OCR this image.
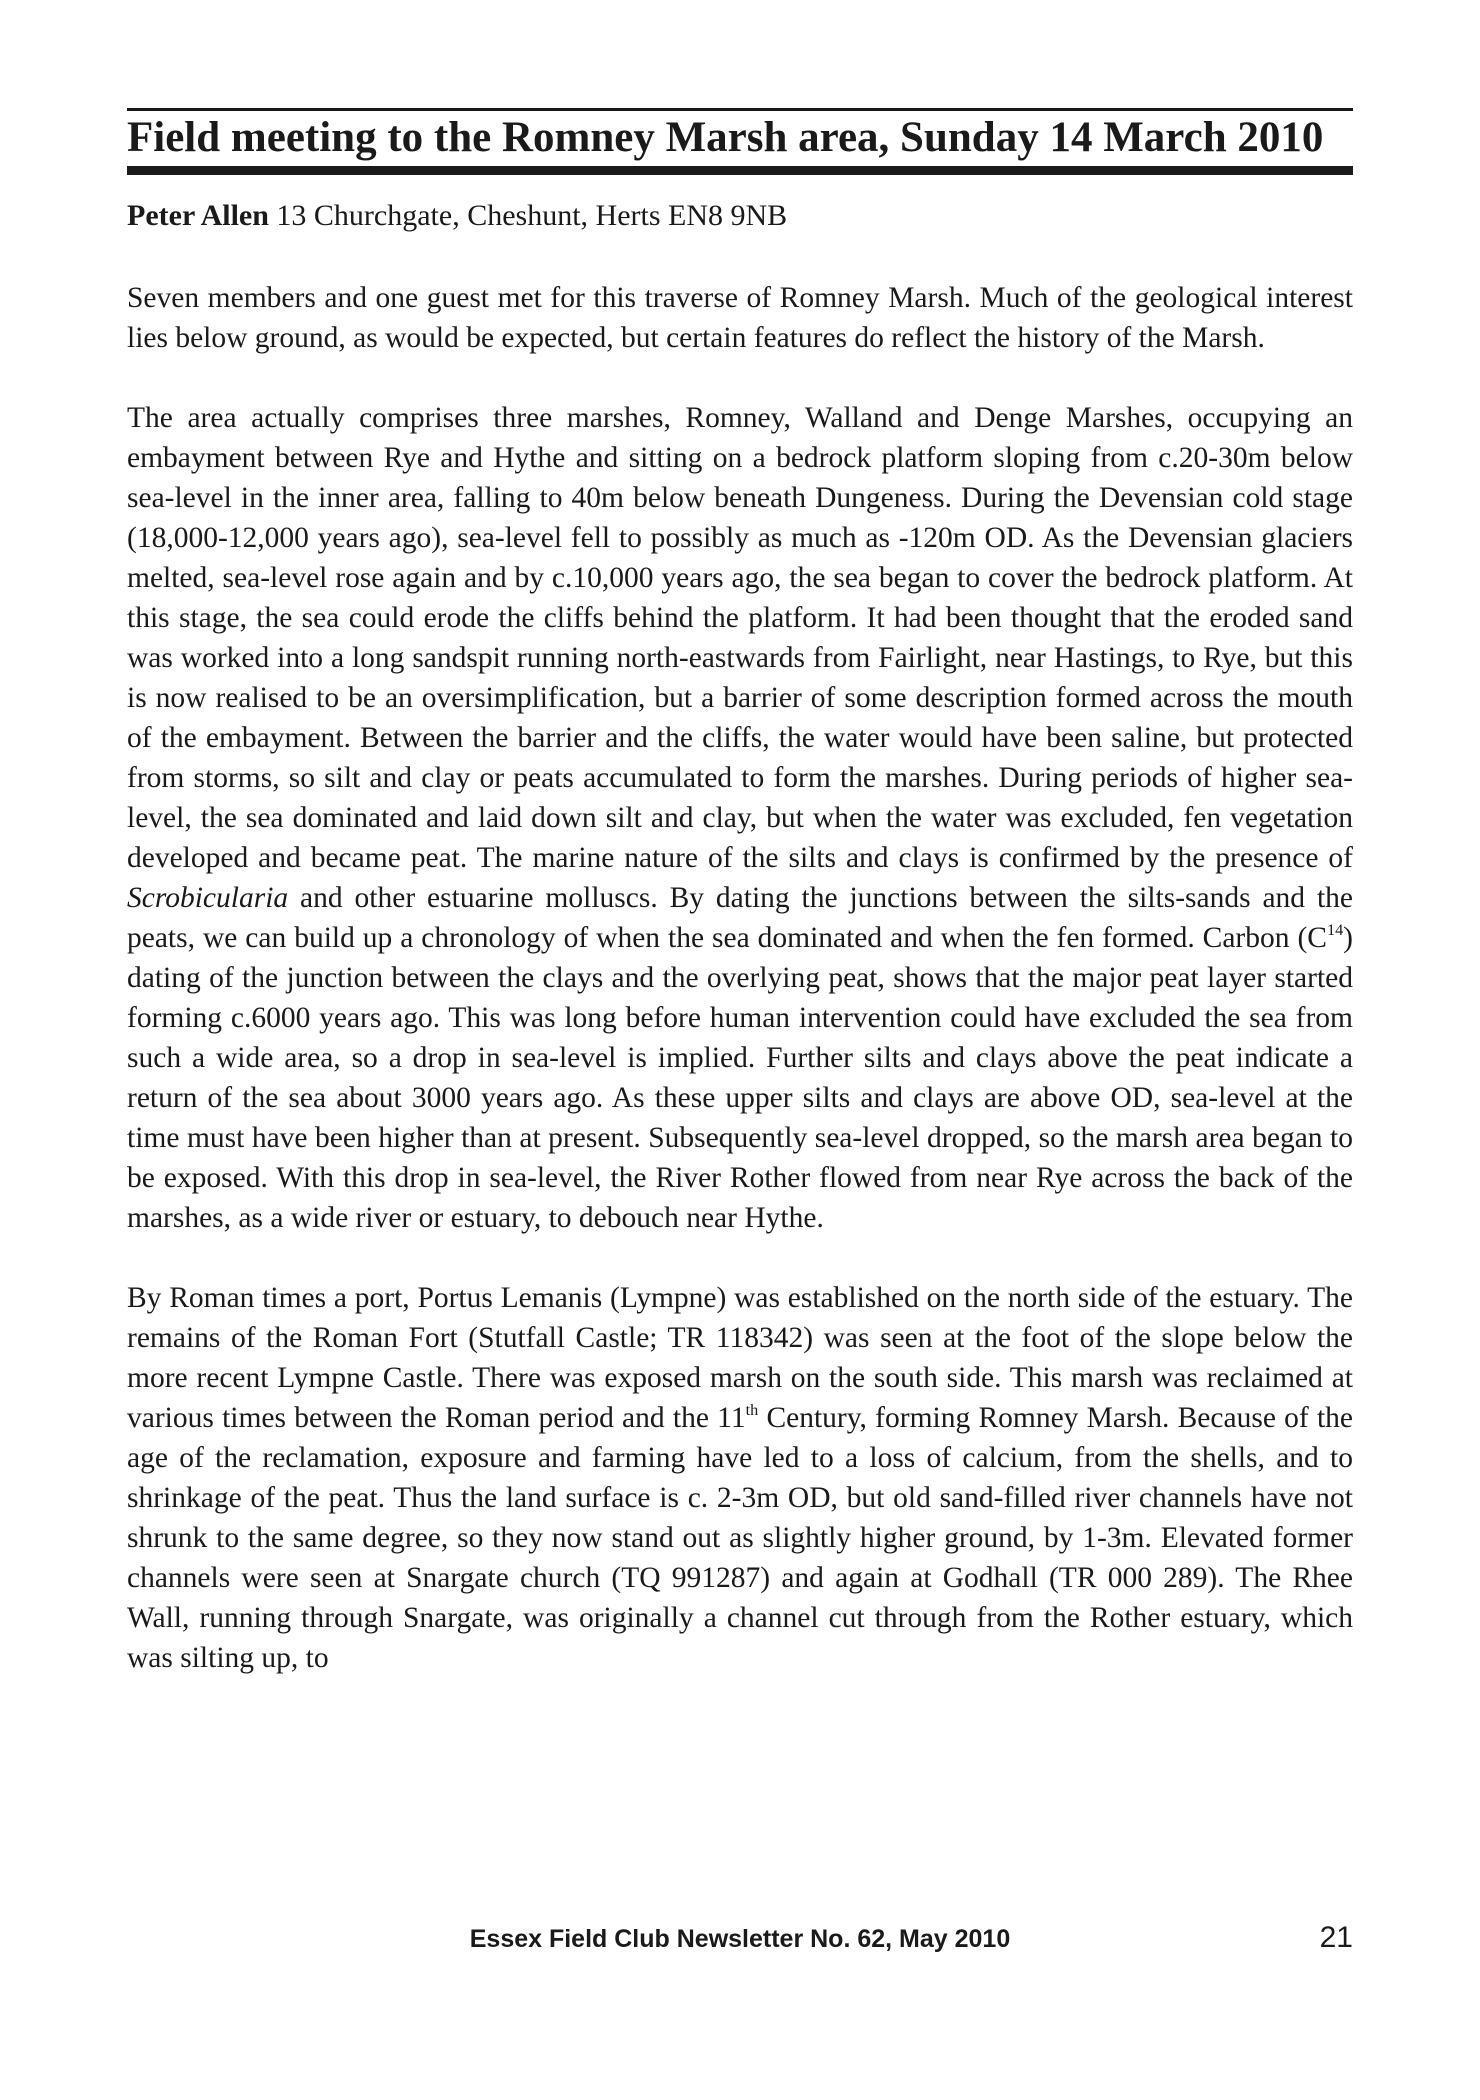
Field meeting to the Romney Marsh area, Sunday 14 March 2010
Peter Allen 13 Churchgate, Cheshunt, Herts EN8 9NB

Seven members and one guest met for this traverse of Romney Marsh. Much of the geological interest lies below ground, as would be expected, but certain features do reflect the history of the Marsh.

The area actually comprises three marshes, Romney, Walland and Denge Marshes, occupying an embayment between Rye and Hythe and sitting on a bedrock platform sloping from c.20-30m below sea-level in the inner area, falling to 40m below beneath Dungeness. During the Devensian cold stage (18,000-12,000 years ago), sea-level fell to possibly as much as -120m OD. As the Devensian glaciers melted, sea-level rose again and by c.10,000 years ago, the sea began to cover the bedrock platform. At this stage, the sea could erode the cliffs behind the platform. It had been thought that the eroded sand was worked into a long sandspit running north-eastwards from Fairlight, near Hastings, to Rye, but this is now realised to be an oversimplification, but a barrier of some description formed across the mouth of the embayment. Between the barrier and the cliffs, the water would have been saline, but protected from storms, so silt and clay or peats accumulated to form the marshes. During periods of higher sea-level, the sea dominated and laid down silt and clay, but when the water was excluded, fen vegetation developed and became peat. The marine nature of the silts and clays is confirmed by the presence of Scrobicularia and other estuarine molluscs. By dating the junctions between the silts-sands and the peats, we can build up a chronology of when the sea dominated and when the fen formed. Carbon $(C^{14})$ dating of the junction between the clays and the overlying peat, shows that the major peat layer started forming c.6000 years ago. This was long before human intervention could have excluded the sea from such a wide area, so a drop in sea-level is implied. Further silts and clays above the peat indicate a return of the sea about 3000 years ago. As these upper silts and clays are above OD, sea-level at the time must have been higher than at present. Subsequently sea-level dropped, so the marsh area began to be exposed. With this drop in sea-level, the River Rother flowed from near Rye across the back of the marshes, as a wide river or estuary, to debouch near Hythe.

By Roman times a port, Portus Lemanis (Lympne) was established on the north side of the estuary. The remains of the Roman Fort (Stutfall Castle; TR 118342) was seen at the foot of the slope below the more recent Lympne Castle. There was exposed marsh on the south side. This marsh was reclaimed at various times between the Roman period and the 11th Century, forming Romney Marsh. Because of the age of the reclamation, exposure and farming have led to a loss of calcium, from the shells, and to shrinkage of the peat. Thus the land surface is c. 2-3m OD, but old sand-filled river channels have not shrunk to the same degree, so they now stand out as slightly higher ground, by 1-3m. Elevated former channels were seen at Snargate church (TQ 991287) and again at Godhall (TR 000 289). The Rhee Wall, running through Snargate, was originally a channel cut through from the Rother estuary, which was silting up, to

Essex Field Club Newsletter No. 62, May 2010	21
